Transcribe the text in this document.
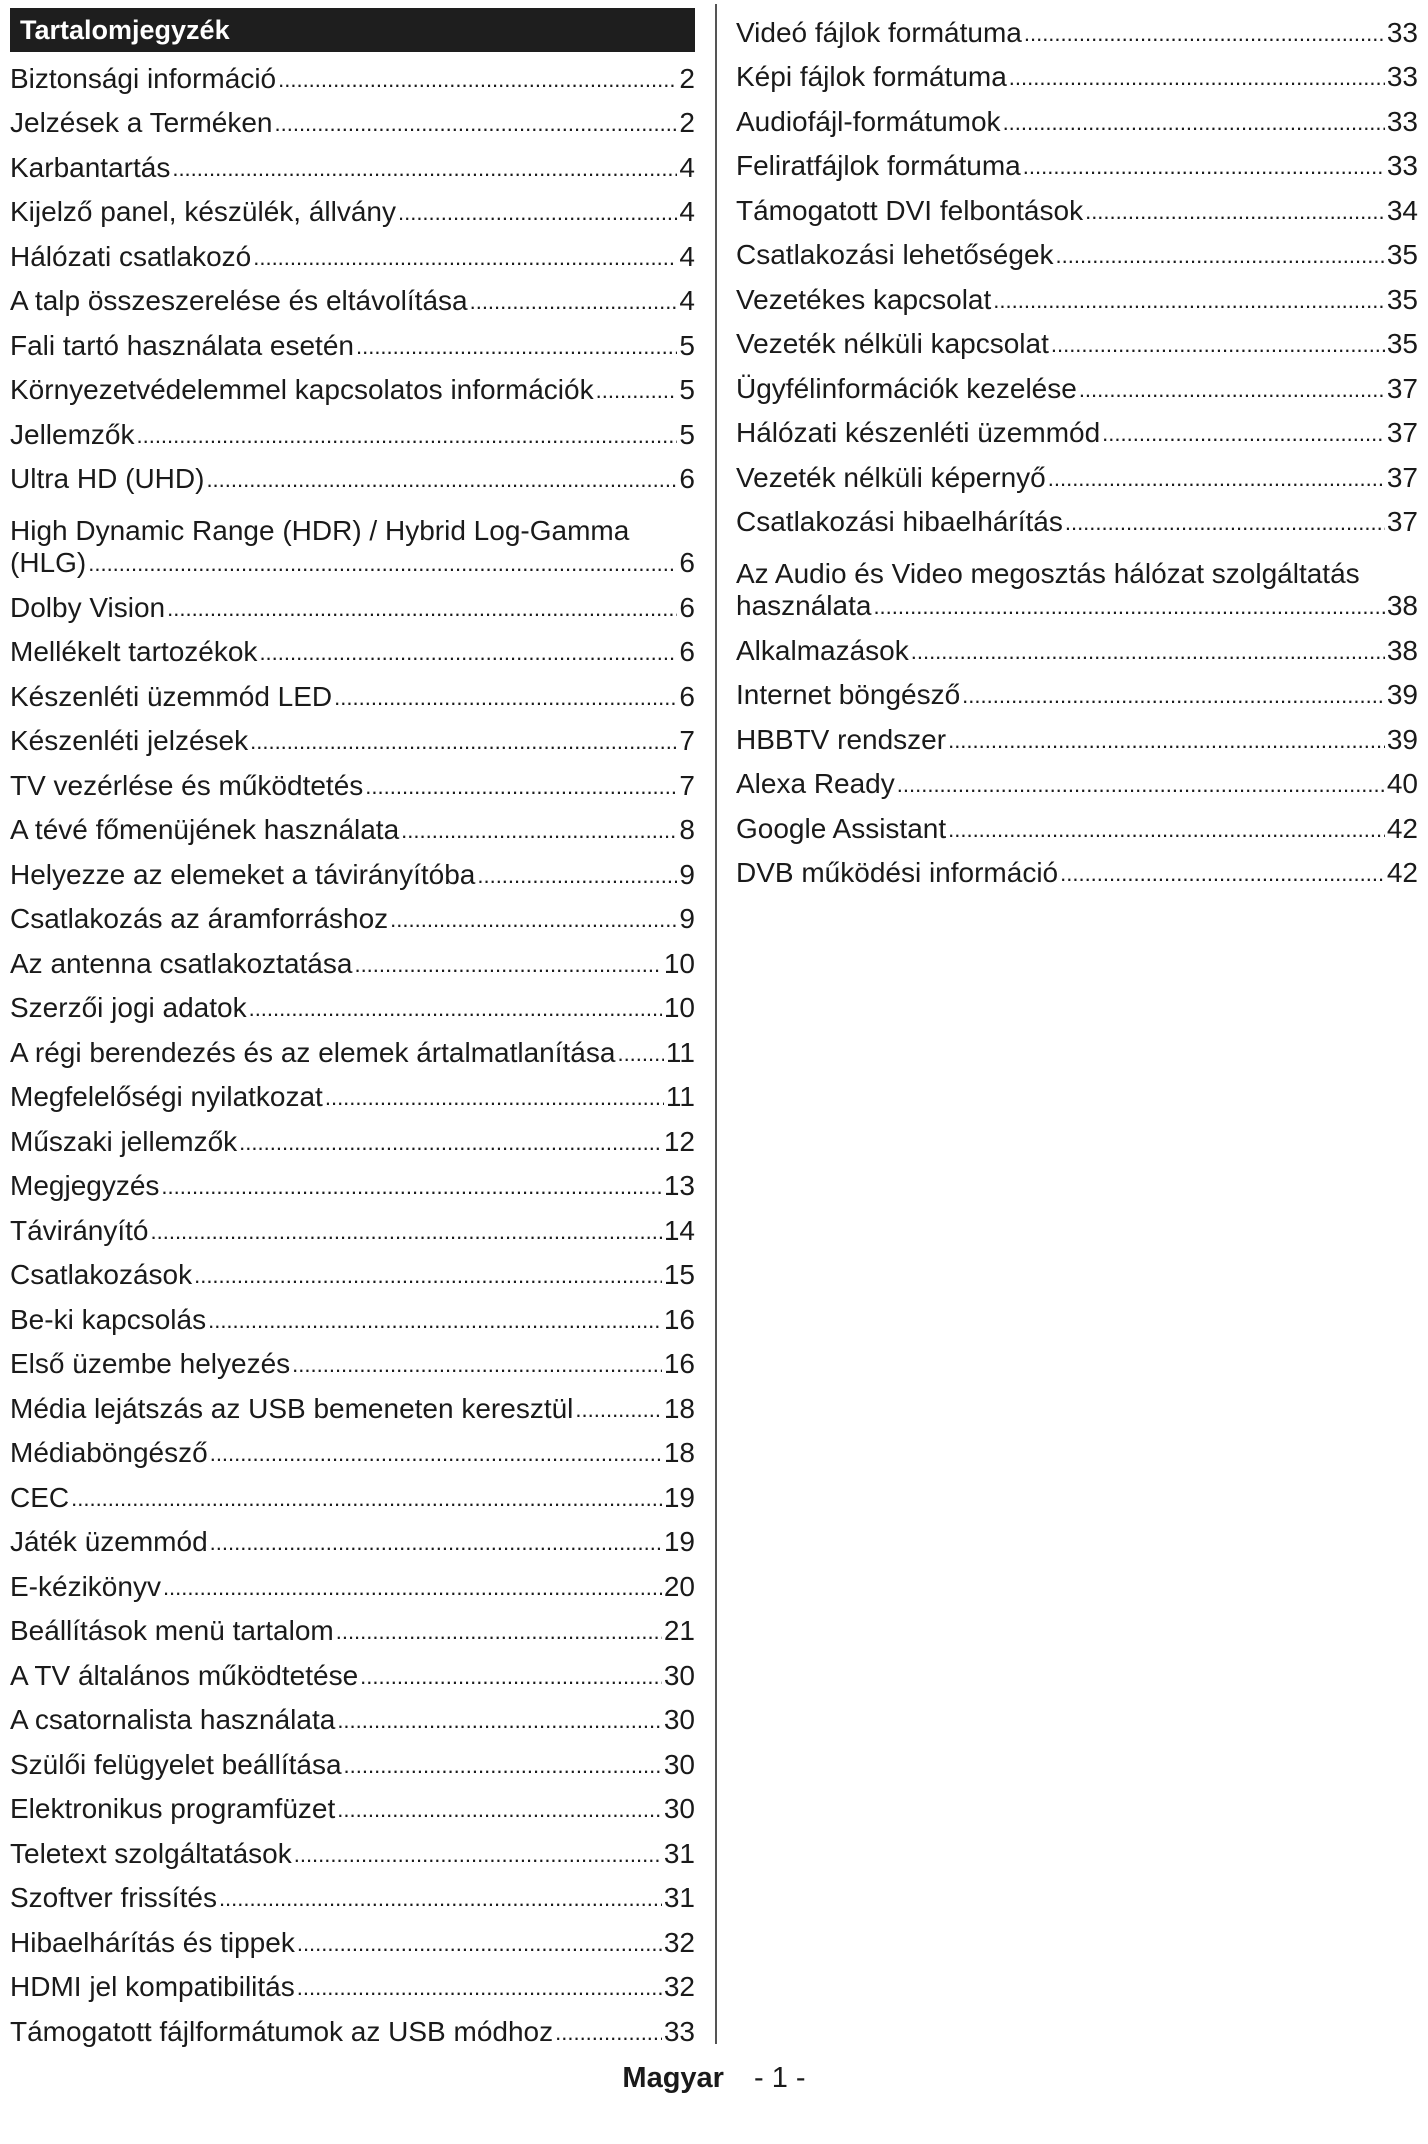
Tartalomjegyzék
Biztonsági információ .....	2
Jelzések a Terméken .....	2
Karbantartás .....	4
Kijelző panel, készülék, állvány .....	4
Hálózati csatlakozó .....	4
A talp összeszerelése és eltávolítása .....	4
Fali tartó használata esetén .....	5
Környezetvédelemmel kapcsolatos információk .....	5
Jellemzők .....	5
Ultra HD (UHD) .....	6
High Dynamic Range (HDR) / Hybrid Log-Gamma
(HLG) .....	6
Dolby Vision .....	6
Mellékelt tartozékok .....	6
Készenléti üzemmód LED .....	6
Készenléti jelzések .....	7
TV vezérlése és működtetés .....	7
A tévé főmenüjének használata .....	8
Helyezze az elemeket a távirányítóba .....	9
Csatlakozás az áramforráshoz .....	9
Az antenna csatlakoztatása .....	10
Szerzői jogi adatok .....	10
A régi berendezés és az elemek ártalmatlanítása ..... 11
Megfelelőségi nyilatkozat .....	11
Műszaki jellemzők .....	12
Megjegyzés .....	13
Távirányító .....	14
Csatlakozások .....	15
Be-ki kapcsolás .....	16
Első üzembe helyezés .....	16
Média lejátszás az USB bemeneten keresztül .....	18
Médiaböngésző .....	18
CEC .....	19
Játék üzemmód .....	19
E-kézikönyv .....	20
Beállítások menü tartalom .....	21
A TV általános működtetése .....	30
A csatornalista használata .....	30
Szülői felügyelet beállítása .....	30
Elektronikus programfüzet .....	30
Teletext szolgáltatások .....	31
Szoftver frissítés .....	31
Hibaelhárítás és tippek .....	32
HDMI jel kompatibilitás .....	32
Támogatott fájlformátumok az USB módhoz .....	33
Videó fájlok formátuma .....	33
Képi fájlok formátuma .....	33
Audiofájl-formátumok .....	33
Feliratfájlok formátuma .....	33
Támogatott DVI felbontások .....	34
Csatlakozási lehetőségek .....	35
Vezetékes kapcsolat .....	35
Vezeték nélküli kapcsolat .....	35
Ügyfélinformációk kezelése .....	37
Hálózati készenléti üzemmód .....	37
Vezeték nélküli képernyő .....	37
Csatlakozási hibaelhárítás .....	37
Az Audio és Video megosztás hálózat szolgáltatás
használata .....	38
Alkalmazások .....	38
Internet böngésző .....	39
HBBTV rendszer .....	39
Alexa Ready .....	40
Google Assistant .....	42
DVB működési információ .....	42
Magyar - 1 -
